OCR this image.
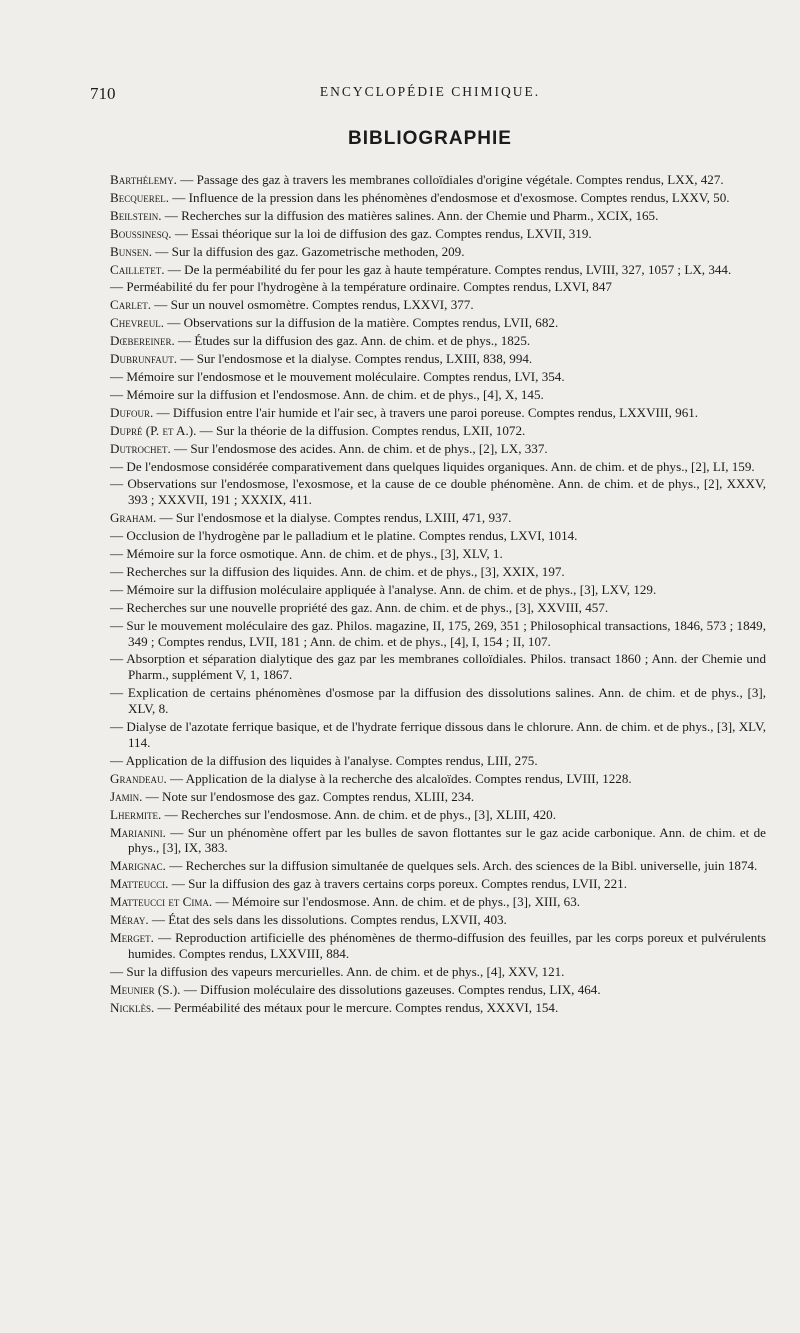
710	ENCYCLOPÉDIE CHIMIQUE.
BIBLIOGRAPHIE

Barthélemy. — Passage des gaz à travers les membranes colloïdiales d'origine végétale. Comptes rendus, LXX, 427.

Becquerel. — Influence de la pression dans les phénomènes d'endosmose et d'exosmose. Comptes rendus, LXXV, 50.

Beilstein. — Recherches sur la diffusion des matières salines. Ann. der Chemie und Pharm., XCIX, 165.

Boussinesq. — Essai théorique sur la loi de diffusion des gaz. Comptes rendus, LXVII, 319.

Bunsen. — Sur la diffusion des gaz. Gazometrische methoden, 209.

Cailletet. — De la perméabilité du fer pour les gaz à haute température. Comptes rendus, LVIII, 327, 1057 ; LX, 344.

— Perméabilité du fer pour l'hydrogène à la température ordinaire. Comptes rendus, LXVI, 847

Carlet. — Sur un nouvel osmomètre. Comptes rendus, LXXVI, 377.

Chevreul. — Observations sur la diffusion de la matière. Comptes rendus, LVII, 682.

Dœbereiner. — Études sur la diffusion des gaz. Ann. de chim. et de phys., 1825.

Dubrunfaut. — Sur l'endosmose et la dialyse. Comptes rendus, LXIII, 838, 994.

— Mémoire sur l'endosmose et le mouvement moléculaire. Comptes rendus, LVI, 354.

— Mémoire sur la diffusion et l'endosmose. Ann. de chim. et de phys., [4], X, 145.

Dufour. — Diffusion entre l'air humide et l'air sec, à travers une paroi poreuse. Comptes rendus, LXXVIII, 961.

Dupré (P. et A.). — Sur la théorie de la diffusion. Comptes rendus, LXII, 1072.

Dutrochet. — Sur l'endosmose des acides. Ann. de chim. et de phys., [2], LX, 337.

— De l'endosmose considérée comparativement dans quelques liquides organiques. Ann. de chim. et de phys., [2], LI, 159.

— Observations sur l'endosmose, l'exosmose, et la cause de ce double phénomène. Ann. de chim. et de phys., [2], XXXV, 393 ; XXXVII, 191 ; XXXIX, 411.

Graham. — Sur l'endosmose et la dialyse. Comptes rendus, LXIII, 471, 937.

— Occlusion de l'hydrogène par le palladium et le platine. Comptes rendus, LXVI, 1014.

— Mémoire sur la force osmotique. Ann. de chim. et de phys., [3], XLV, 1.

— Recherches sur la diffusion des liquides. Ann. de chim. et de phys., [3], XXIX, 197.

— Mémoire sur la diffusion moléculaire appliquée à l'analyse. Ann. de chim. et de phys., [3], LXV, 129.

— Recherches sur une nouvelle propriété des gaz. Ann. de chim. et de phys., [3], XXVIII, 457.

— Sur le mouvement moléculaire des gaz. Philos. magazine, II, 175, 269, 351 ; Philosophical transactions, 1846, 573 ; 1849, 349 ; Comptes rendus, LVII, 181 ; Ann. de chim. et de phys., [4], I, 154 ; II, 107.

— Absorption et séparation dialytique des gaz par les membranes colloïdiales. Philos. transact 1860 ; Ann. der Chemie und Pharm., supplément V, 1, 1867.

— Explication de certains phénomènes d'osmose par la diffusion des dissolutions salines. Ann. de chim. et de phys., [3], XLV, 8.

— Dialyse de l'azotate ferrique basique, et de l'hydrate ferrique dissous dans le chlorure. Ann. de chim. et de phys., [3], XLV, 114.

— Application de la diffusion des liquides à l'analyse. Comptes rendus, LIII, 275.

Grandeau. — Application de la dialyse à la recherche des alcaloïdes. Comptes rendus, LVIII, 1228.

Jamin. — Note sur l'endosmose des gaz. Comptes rendus, XLIII, 234.

Lhermite. — Recherches sur l'endosmose. Ann. de chim. et de phys., [3], XLIII, 420.

Marianini. — Sur un phénomène offert par les bulles de savon flottantes sur le gaz acide carbonique. Ann. de chim. et de phys., [3], IX, 383.

Marignac. — Recherches sur la diffusion simultanée de quelques sels. Arch. des sciences de la Bibl. universelle, juin 1874.

Matteucci. — Sur la diffusion des gaz à travers certains corps poreux. Comptes rendus, LVII, 221.

Matteucci et Cima. — Mémoire sur l'endosmose. Ann. de chim. et de phys., [3], XIII, 63.

Méray. — État des sels dans les dissolutions. Comptes rendus, LXVII, 403.

Merget. — Reproduction artificielle des phénomènes de thermo-diffusion des feuilles, par les corps poreux et pulvérulents humides. Comptes rendus, LXXVIII, 884.

— Sur la diffusion des vapeurs mercurielles. Ann. de chim. et de phys., [4], XXV, 121.

Meunier (S.). — Diffusion moléculaire des dissolutions gazeuses. Comptes rendus, LIX, 464.

Nicklès. — Perméabilité des métaux pour le mercure. Comptes rendus, XXXVI, 154.
